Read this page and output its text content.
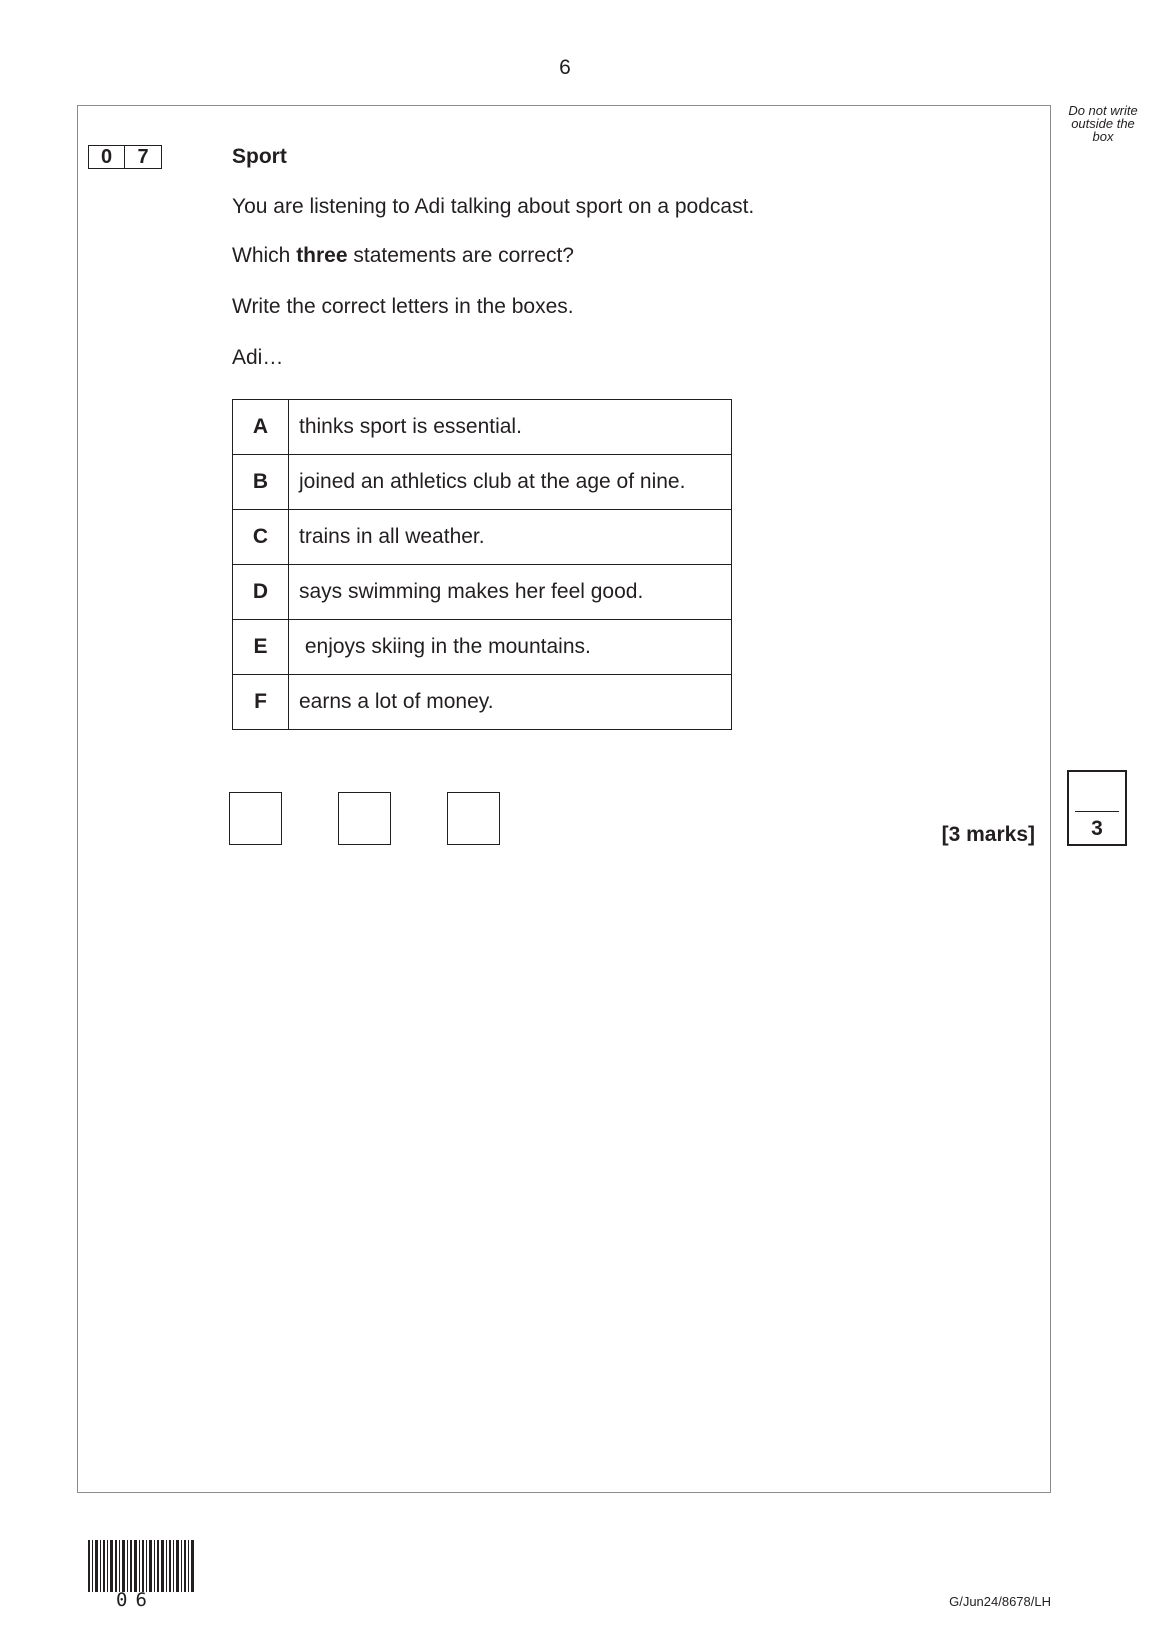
6
Do not write
outside the
box
0	7	Sport
You are listening to Adi talking about sport on a podcast.
Which three statements are correct?
Write the correct letters in the boxes.
Adi…
A	thinks sport is essential.
B	joined an athletics club at the age of nine.
C	trains in all weather.
D	says swimming makes her feel good.
E	enjoys skiing in the mountains.
F	earns a lot of money.
[3 marks]	3
06	G/Jun24/8678/LH
